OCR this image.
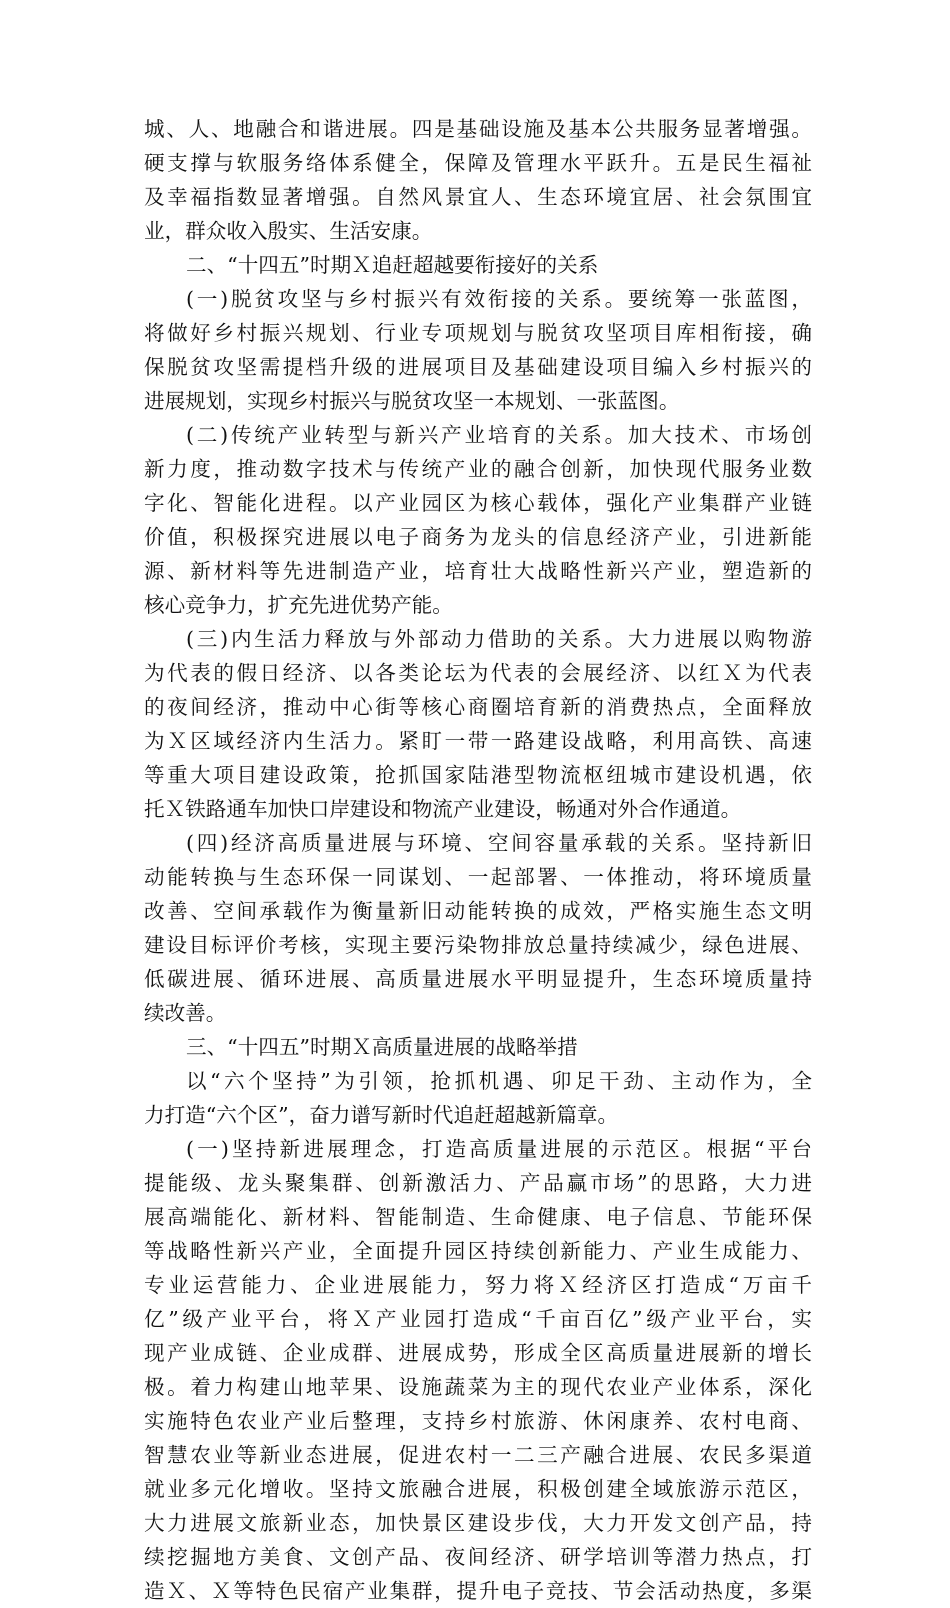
城、人、地融合和谐进展。四是基础设施及基本公共服务显著增强。
硬支撑与软服务络体系健全，保障及管理水平跃升。五是民生福祉
及幸福指数显著增强。自然风景宜人、生态环境宜居、社会氛围宜
业，群众收入殷实、生活安康。
二、“十四五”时期Ｘ追赶超越要衔接好的关系
(一)脱贫攻坚与乡村振兴有效衔接的关系。要统筹一张蓝图，
将做好乡村振兴规划、行业专项规划与脱贫攻坚项目库相衔接，确
保脱贫攻坚需提档升级的进展项目及基础建设项目编入乡村振兴的
进展规划，实现乡村振兴与脱贫攻坚一本规划、一张蓝图。
(二)传统产业转型与新兴产业培育的关系。加大技术、市场创
新力度，推动数字技术与传统产业的融合创新，加快现代服务业数
字化、智能化进程。以产业园区为核心载体，强化产业集群产业链
价值，积极探究进展以电子商务为龙头的信息经济产业，引进新能
源、新材料等先进制造产业，培育壮大战略性新兴产业，塑造新的
核心竞争力，扩充先进优势产能。
(三)内生活力释放与外部动力借助的关系。大力进展以购物游
为代表的假日经济、以各类论坛为代表的会展经济、以红Ｘ为代表
的夜间经济，推动中心街等核心商圈培育新的消费热点，全面释放
为Ｘ区域经济内生活力。紧盯一带一路建设战略，利用高铁、高速
等重大项目建设政策，抢抓国家陆港型物流枢纽城市建设机遇，依
托Ｘ铁路通车加快口岸建设和物流产业建设，畅通对外合作通道。
(四)经济高质量进展与环境、空间容量承载的关系。坚持新旧
动能转换与生态环保一同谋划、一起部署、一体推动，将环境质量
改善、空间承载作为衡量新旧动能转换的成效，严格实施生态文明
建设目标评价考核，实现主要污染物排放总量持续减少，绿色进展、
低碳进展、循环进展、高质量进展水平明显提升，生态环境质量持
续改善。
三、“十四五”时期Ｘ高质量进展的战略举措
以“六个坚持”为引领，抢抓机遇、卯足干劲、主动作为，全
力打造“六个区”，奋力谱写新时代追赶超越新篇章。
(一)坚持新进展理念，打造高质量进展的示范区。根据“平台
提能级、龙头聚集群、创新激活力、产品赢市场”的思路，大力进
展高端能化、新材料、智能制造、生命健康、电子信息、节能环保
等战略性新兴产业，全面提升园区持续创新能力、产业生成能力、
专业运营能力、企业进展能力，努力将Ｘ经济区打造成“万亩千
亿”级产业平台，将Ｘ产业园打造成“千亩百亿”级产业平台，实
现产业成链、企业成群、进展成势，形成全区高质量进展新的增长
极。着力构建山地苹果、设施蔬菜为主的现代农业产业体系，深化
实施特色农业产业后整理，支持乡村旅游、休闲康养、农村电商、
智慧农业等新业态进展，促进农村一二三产融合进展、农民多渠道
就业多元化增收。坚持文旅融合进展，积极创建全域旅游示范区，
大力进展文旅新业态，加快景区建设步伐，大力开发文创产品，持
续挖掘地方美食、文创产品、夜间经济、研学培训等潜力热点，打
造Ｘ、Ｘ等特色民宿产业集群，提升电子竞技、节会活动热度，多渠
